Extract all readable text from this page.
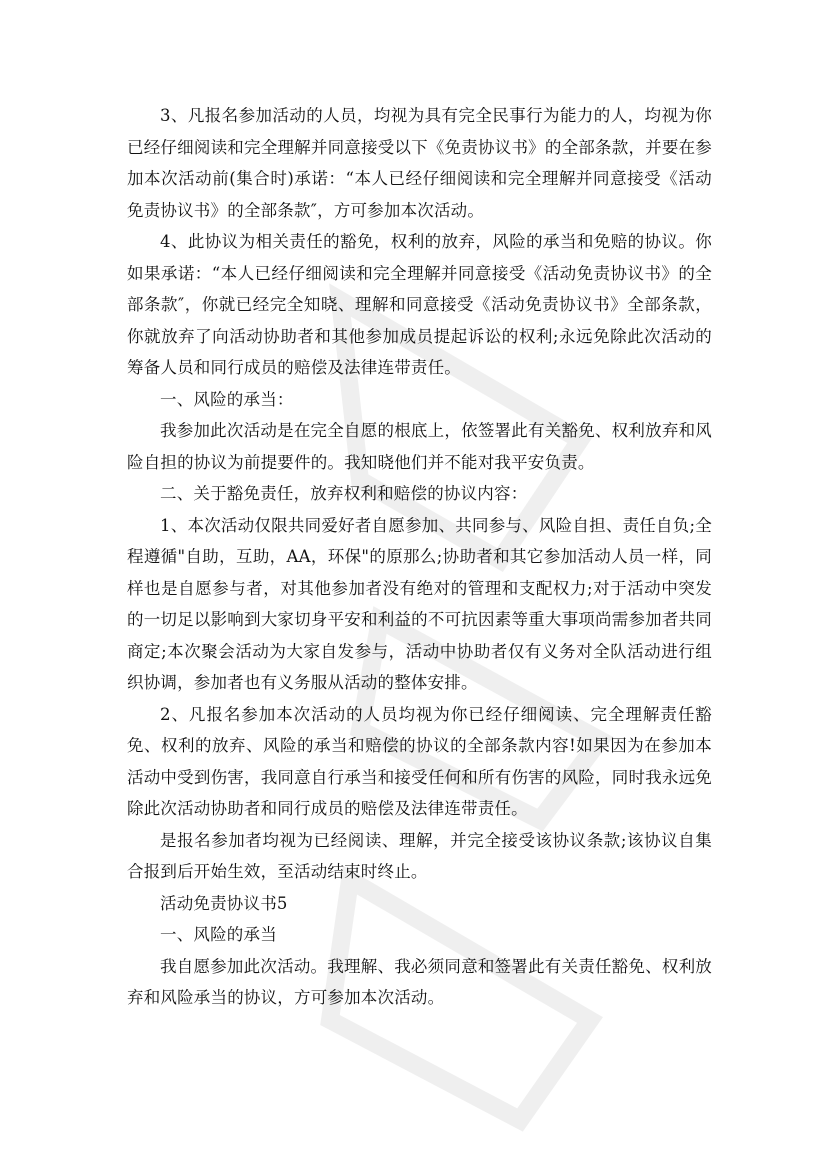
3、凡报名参加活动的人员，均视为具有完全民事行为能力的人，均视为你已经仔细阅读和完全理解并同意接受以下《免责协议书》的全部条款，并要在参加本次活动前(集合时)承诺：“本人已经仔细阅读和完全理解并同意接受《活动免责协议书》的全部条款″，方可参加本次活动。

4、此协议为相关责任的豁免，权利的放弃，风险的承当和免赔的协议。你如果承诺：“本人已经仔细阅读和完全理解并同意接受《活动免责协议书》的全部条款″，你就已经完全知晓、理解和同意接受《活动免责协议书》全部条款，你就放弃了向活动协助者和其他参加成员提起诉讼的权利;永远免除此次活动的筹备人员和同行成员的赔偿及法律连带责任。

一、风险的承当：

我参加此次活动是在完全自愿的根底上，依签署此有关豁免、权利放弃和风险自担的协议为前提要件的。我知晓他们并不能对我平安负责。

二、关于豁免责任，放弃权利和赔偿的协议内容：

1、本次活动仅限共同爱好者自愿参加、共同参与、风险自担、责任自负;全程遵循"自助，互助，AA，环保"的原那么;协助者和其它参加活动人员一样，同样也是自愿参与者，对其他参加者没有绝对的管理和支配权力;对于活动中突发的一切足以影响到大家切身平安和利益的不可抗因素等重大事项尚需参加者共同商定;本次聚会活动为大家自发参与，活动中协助者仅有义务对全队活动进行组织协调，参加者也有义务服从活动的整体安排。

2、凡报名参加本次活动的人员均视为你已经仔细阅读、完全理解责任豁免、权利的放弃、风险的承当和赔偿的协议的全部条款内容!如果因为在参加本活动中受到伤害，我同意自行承当和接受任何和所有伤害的风险，同时我永远免除此次活动协助者和同行成员的赔偿及法律连带责任。

是报名参加者均视为已经阅读、理解，并完全接受该协议条款;该协议自集合报到后开始生效，至活动结束时终止。

活动免责协议书5

一、风险的承当

我自愿参加此次活动。我理解、我必须同意和签署此有关责任豁免、权利放弃和风险承当的协议，方可参加本次活动。
